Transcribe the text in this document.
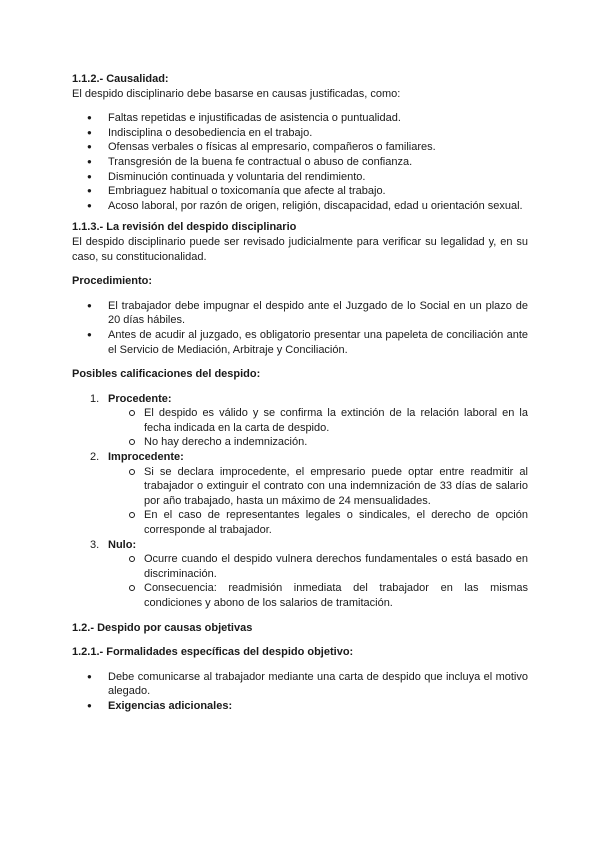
1.1.2.- Causalidad:

El despido disciplinario debe basarse en causas justificadas, como:

● Faltas repetidas e injustificadas de asistencia o puntualidad.
● Indisciplina o desobediencia en el trabajo.
● Ofensas verbales o físicas al empresario, compañeros o familiares.
● Transgresión de la buena fe contractual o abuso de confianza.
● Disminución continuada y voluntaria del rendimiento.
● Embriaguez habitual o toxicomanía que afecte al trabajo.
● Acoso laboral, por razón de origen, religión, discapacidad, edad u orientación sexual.

1.1.3.- La revisión del despido disciplinario

El despido disciplinario puede ser revisado judicialmente para verificar su legalidad y, en su caso, su constitucionalidad.

Procedimiento:

● El trabajador debe impugnar el despido ante el Juzgado de lo Social en un plazo de 20 días hábiles.
● Antes de acudir al juzgado, es obligatorio presentar una papeleta de conciliación ante el Servicio de Mediación, Arbitraje y Conciliación.

Posibles calificaciones del despido:

1. Procedente:
El despido es válido y se confirma la extinción de la relación laboral en la fecha indicada en la carta de despido.
No hay derecho a indemnización.
2. Improcedente:
Si se declara improcedente, el empresario puede optar entre readmitir al trabajador o extinguir el contrato con una indemnización de 33 días de salario por año trabajado, hasta un máximo de 24 mensualidades.
En el caso de representantes legales o sindicales, el derecho de opción corresponde al trabajador.
3. Nulo:
Ocurre cuando el despido vulnera derechos fundamentales o está basado en discriminación.
Consecuencia: readmisión inmediata del trabajador en las mismas condiciones y abono de los salarios de tramitación.

1.2.- Despido por causas objetivas

1.2.1.- Formalidades específicas del despido objetivo:

● Debe comunicarse al trabajador mediante una carta de despido que incluya el motivo alegado.
● Exigencias adicionales:
